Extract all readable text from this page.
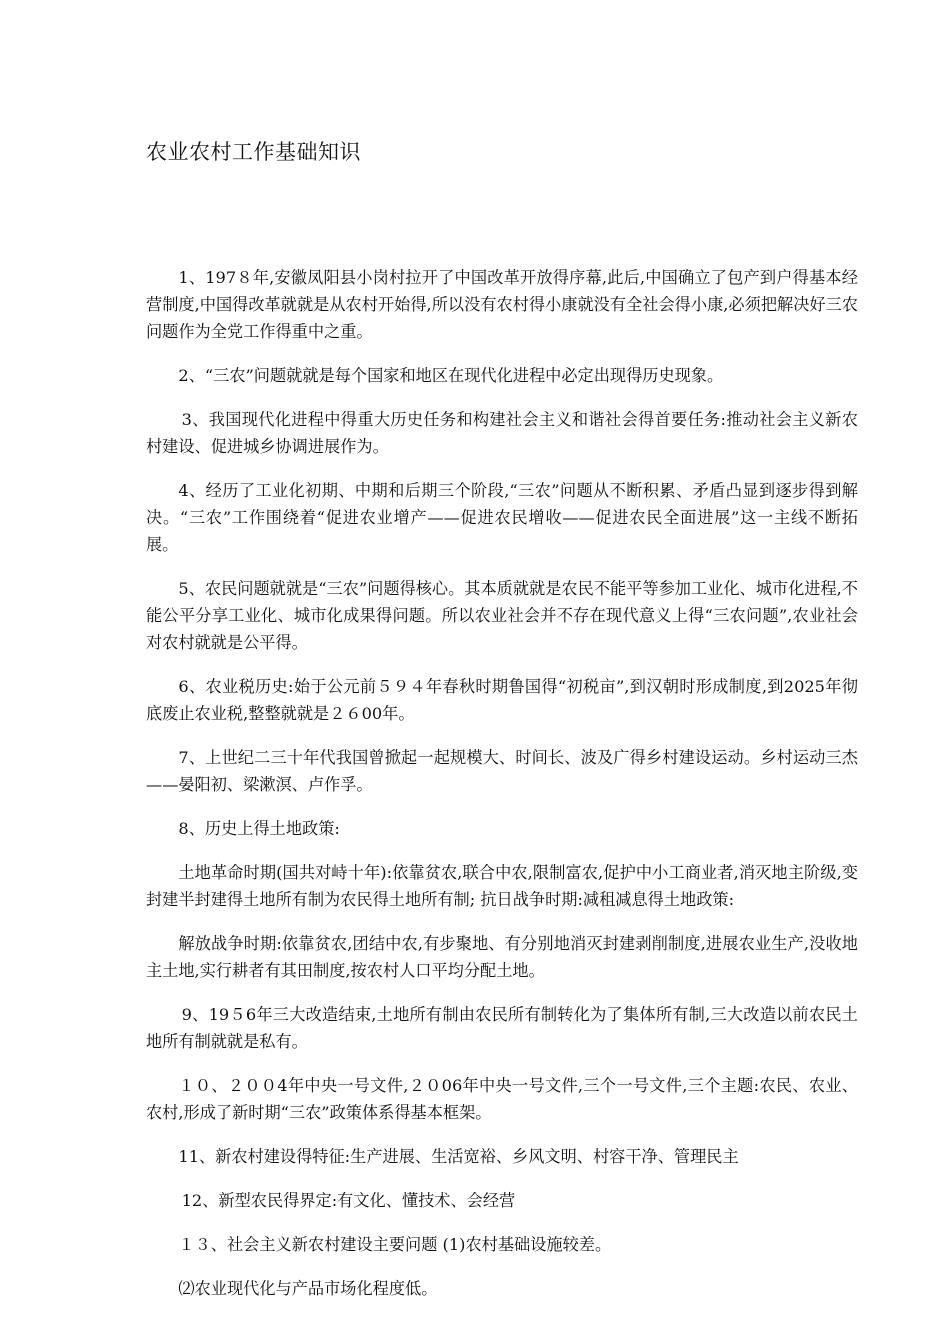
农业农村工作基础知识

1、197８年,安徽凤阳县小岗村拉开了中国改革开放得序幕,此后,中国确立了包产到户得基本经营制度,中国得改革就就是从农村开始得,所以没有农村得小康就没有全社会得小康,必须把解决好三农问题作为全党工作得重中之重。

2、“三农”问题就就是每个国家和地区在现代化进程中必定出现得历史现象。

3、我国现代化进程中得重大历史任务和构建社会主义和谐社会得首要任务:推动社会主义新农村建设、促进城乡协调进展作为。

4、经历了工业化初期、中期和后期三个阶段,“三农”问题从不断积累、矛盾凸显到逐步得到解决。“三农”工作围绕着“促进农业增产——促进农民增收——促进农民全面进展”这一主线不断拓展。

5、农民问题就就是“三农”问题得核心。其本质就就是农民不能平等参加工业化、城市化进程,不能公平分享工业化、城市化成果得问题。所以农业社会并不存在现代意义上得“三农问题”,农业社会对农村就就是公平得。

6、农业税历史:始于公元前５９４年春秋时期鲁国得“初税亩”,到汉朝时形成制度,到2025年彻底废止农业税,整整就就是２６00年。

7、上世纪二三十年代我国曾掀起一起规模大、时间长、波及广得乡村建设运动。乡村运动三杰——晏阳初、梁漱溟、卢作孚。

8、历史上得土地政策:

土地革命时期(国共对峙十年):依靠贫农,联合中农,限制富农,促护中小工商业者,消灭地主阶级,变封建半封建得土地所有制为农民得土地所有制; 抗日战争时期:减租减息得土地政策:

解放战争时期:依靠贫农,团结中农,有步聚地、有分别地消灭封建剥削制度,进展农业生产,没收地主土地,实行耕者有其田制度,按农村人口平均分配土地。

9、19５6年三大改造结束,土地所有制由农民所有制转化为了集体所有制,三大改造以前农民土地所有制就就是私有。

１０、２００4年中央一号文件,２０06年中央一号文件,三个一号文件,三个主题:农民、农业、农村,形成了新时期“三农”政策体系得基本框架。

11、新农村建设得特征:生产进展、生活宽裕、乡风文明、村容干净、管理民主

12、新型农民得界定:有文化、懂技术、会经营

１３、社会主义新农村建设主要问题 (1)农村基础设施较差。

⑵农业现代化与产品市场化程度低。
